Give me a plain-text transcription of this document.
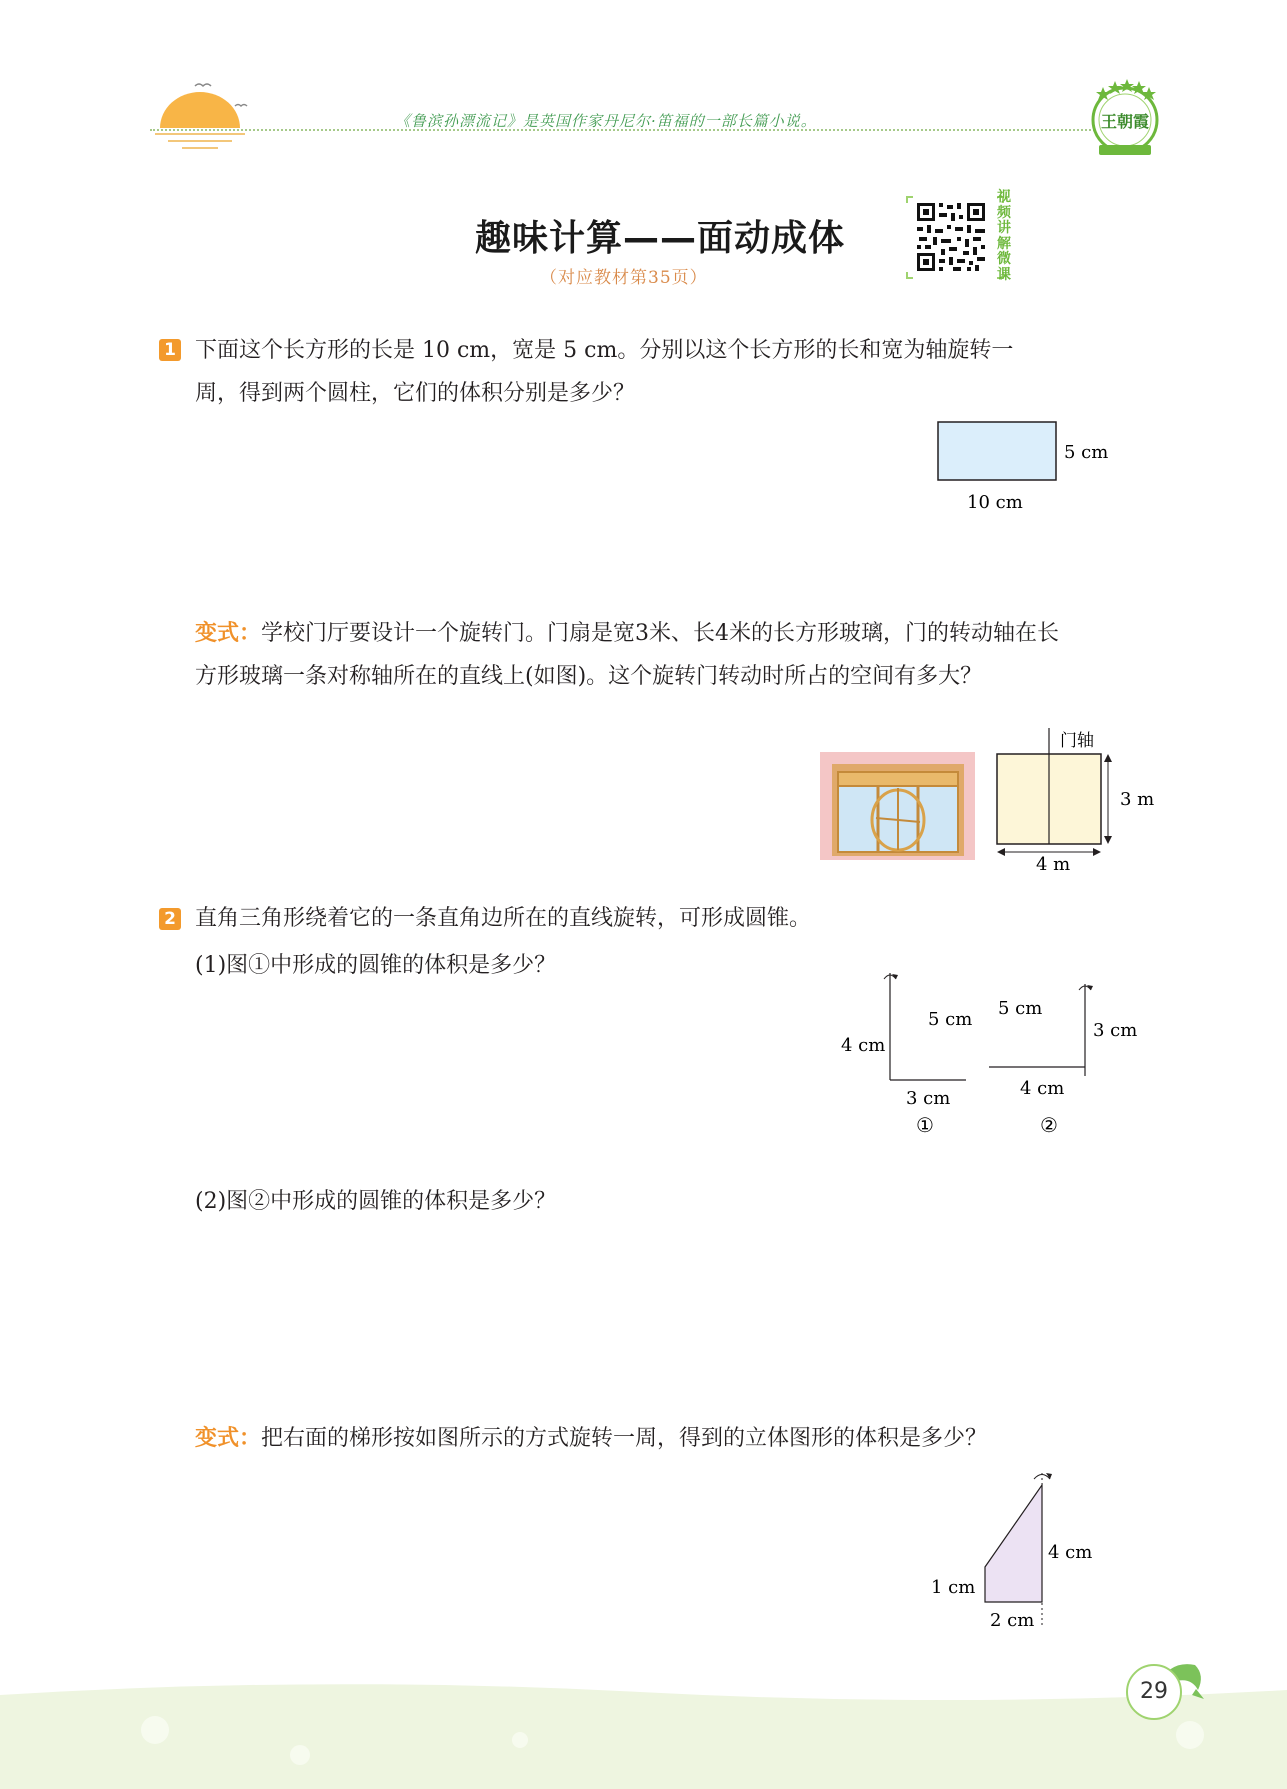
《鲁滨孙漂流记》是英国作家丹尼尔·笛福的一部长篇小说。	王朝霞
趣味计算——面动成体
（对应教材第35页）
视
频
讲
解
微
课
1 下面这个长方形的长是 10 cm，宽是 5 cm。分别以这个长方形的长和宽为轴旋转一
周，得到两个圆柱，它们的体积分别是多少？
5 cm
10 cm
变式：学校门厅要设计一个旋转门。门扇是宽3米、长4米的长方形玻璃，门的转动轴在长
方形玻璃一条对称轴所在的直线上(如图)。这个旋转门转动时所占的空间有多大？
门轴
3 m
4 m
2 直角三角形绕着它的一条直角边所在的直线旋转，可形成圆锥。
(1)图①中形成的圆锥的体积是多少？
5 cm
4 cm
3 cm
①
5 cm
3 cm
4 cm
②
(2)图②中形成的圆锥的体积是多少？
变式：把右面的梯形按如图所示的方式旋转一周，得到的立体图形的体积是多少？
4 cm
1 cm
2 cm
29
